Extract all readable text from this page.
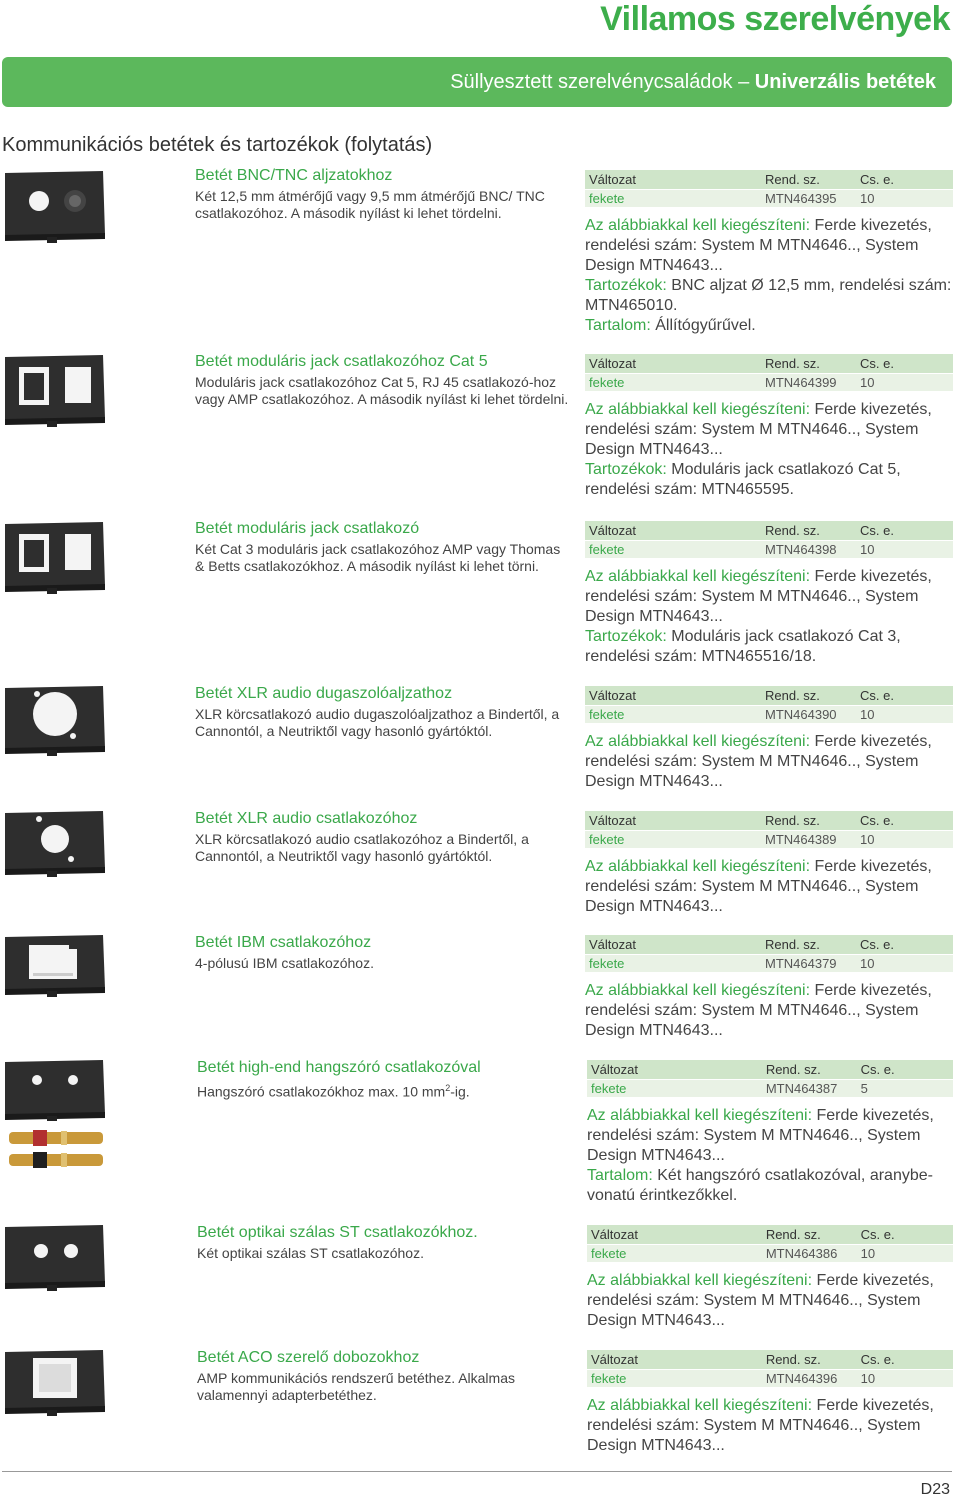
Villamos szerelvények
Süllyesztett szerelvénycsaládok – Univerzális betétek
Kommunikációs betétek és tartozékok (folytatás)
Betét BNC/TNC aljzatokhoz
Két 12,5 mm átmérőjű vagy 9,5 mm átmérőjű BNC/ TNC csatlakozóhoz. A második nyílást ki lehet tördelni.
Változat	Rend. sz.	Cs. e.
fekete	MTN464395	10
Az alábbiakkal kell kiegészíteni: Ferde kivezetés, rendelési szám: System M MTN4646.., System Design MTN4643...
Tartozékok: BNC aljzat Ø 12,5 mm, rendelési szám: MTN465010.
Tartalom: Állítógyűrűvel.
Betét moduláris jack csatlakozóhoz Cat 5
Moduláris jack csatlakozóhoz Cat 5, RJ 45 csatlakozó-hoz vagy AMP csatlakozóhoz. A második nyílást ki lehet tördelni.
Változat	Rend. sz.	Cs. e.
fekete	MTN464399	10
Az alábbiakkal kell kiegészíteni: Ferde kivezetés, rendelési szám: System M MTN4646.., System Design MTN4643...
Tartozékok: Moduláris jack csatlakozó Cat 5, rendelési szám: MTN465595.
Betét moduláris jack csatlakozó
Két Cat 3 moduláris jack csatlakozóhoz AMP vagy Thomas & Betts csatlakozókhoz. A második nyílást ki lehet törni.
Változat	Rend. sz.	Cs. e.
fekete	MTN464398	10
Az alábbiakkal kell kiegészíteni: Ferde kivezetés, rendelési szám: System M MTN4646.., System Design MTN4643...
Tartozékok: Moduláris jack csatlakozó Cat 3, rendelési szám: MTN465516/18.
Betét XLR audio dugaszolóaljzathoz
XLR körcsatlakozó audio dugaszolóaljzathoz a Bindertől, a Cannontól, a Neutriktől vagy hasonló gyártóktól.
Változat	Rend. sz.	Cs. e.
fekete	MTN464390	10
Az alábbiakkal kell kiegészíteni: Ferde kivezetés, rendelési szám: System M MTN4646.., System Design MTN4643...
Betét XLR audio csatlakozóhoz
XLR körcsatlakozó audio csatlakozóhoz a Bindertől, a Cannontól, a Neutriktől vagy hasonló gyártóktól.
Változat	Rend. sz.	Cs. e.
fekete	MTN464389	10
Az alábbiakkal kell kiegészíteni: Ferde kivezetés, rendelési szám: System M MTN4646.., System Design MTN4643...
Betét IBM csatlakozóhoz
4-pólusú IBM csatlakozóhoz.
Változat	Rend. sz.	Cs. e.
fekete	MTN464379	10
Az alábbiakkal kell kiegészíteni: Ferde kivezetés, rendelési szám: System M MTN4646.., System Design MTN4643...
Betét high-end hangszóró csatlakozóval
Hangszóró csatlakozókhoz max. 10 $mm^2-ig$.
Változat	Rend. sz.	Cs. e.
fekete	MTN464387	5
Az alábbiakkal kell kiegészíteni: Ferde kivezetés, rendelési szám: System M MTN4646.., System Design MTN4643...
Tartalom: Két hangszóró csatlakozóval, aranybe-vonatú érintkezőkkel.
Betét optikai szálas ST csatlakozókhoz.
Két optikai szálas ST csatlakozóhoz.
Változat	Rend. sz.	Cs. e.
fekete	MTN464386	10
Az alábbiakkal kell kiegészíteni: Ferde kivezetés, rendelési szám: System M MTN4646.., System Design MTN4643...
Betét ACO szerelő dobozokhoz
AMP kommunikációs rendszerű betéthez. Alkalmas valamennyi adapterbetéthez.
Változat	Rend. sz.	Cs. e.
fekete	MTN464396	10
Az alábbiakkal kell kiegészíteni: Ferde kivezetés, rendelési szám: System M MTN4646.., System Design MTN4643...
D23
